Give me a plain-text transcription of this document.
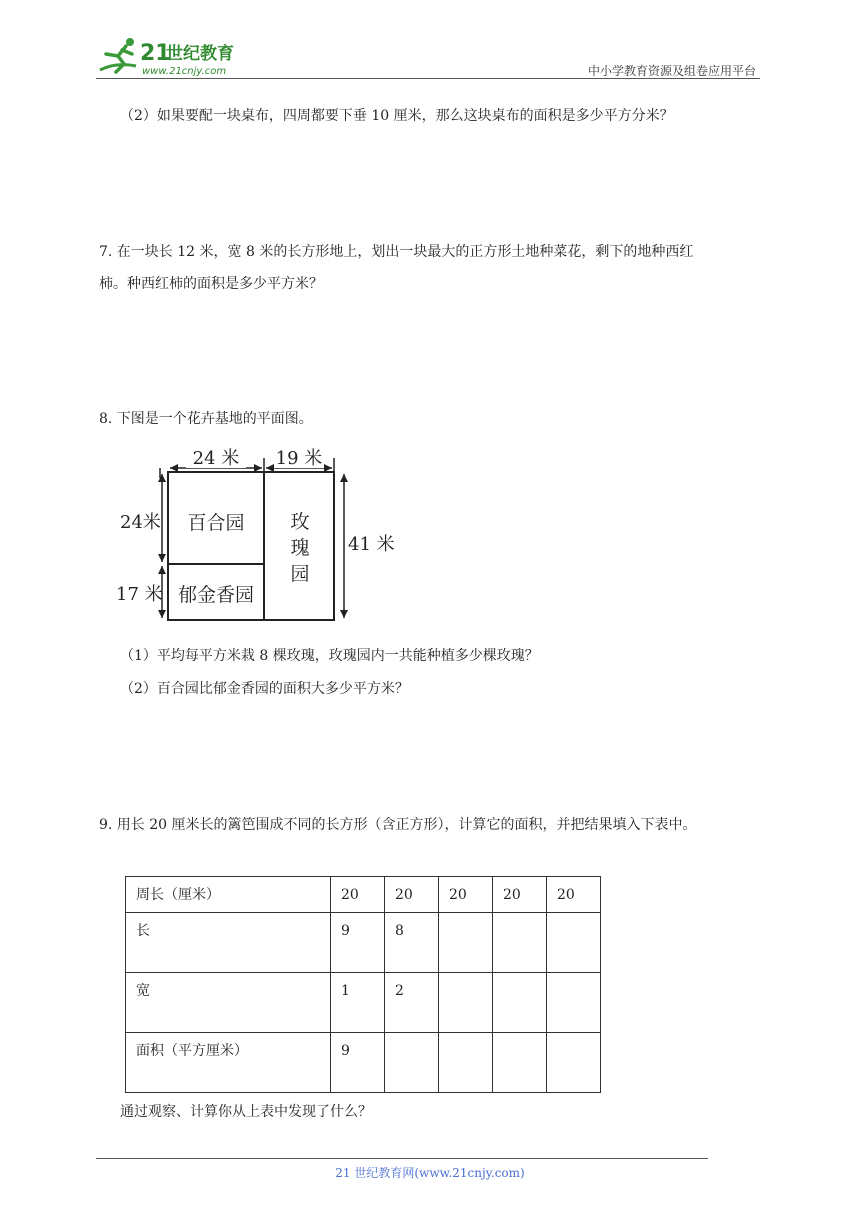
21
世纪教育
www.21cnjy.com	中小学教育资源及组卷应用平台
（2）如果要配一块桌布，四周都要下垂 10 厘米，那么这块桌布的面积是多少平方分米？
7. 在一块长 12 米，宽 8 米的长方形地上，划出一块最大的正方形土地种菜花，剩下的地种西红
柿。种西红柿的面积是多少平方米？
8. 下图是一个花卉基地的平面图。
24 米 19 米
24米
17 米
41 米
百合园
郁金香园
玫
瑰
园
（1）平均每平方米栽 8 棵玫瑰，玫瑰园内一共能种植多少棵玫瑰？
（2）百合园比郁金香园的面积大多少平方米？
9. 用长 20 厘米长的篱笆围成不同的长方形（含正方形），计算它的面积，并把结果填入下表中。
周长（厘米）	20	20	20	20	20
长	9	8			
宽	1	2			
面积（平方厘米）	9				
通过观察、计算你从上表中发现了什么？
21 世纪教育网(www.21cnjy.com)
